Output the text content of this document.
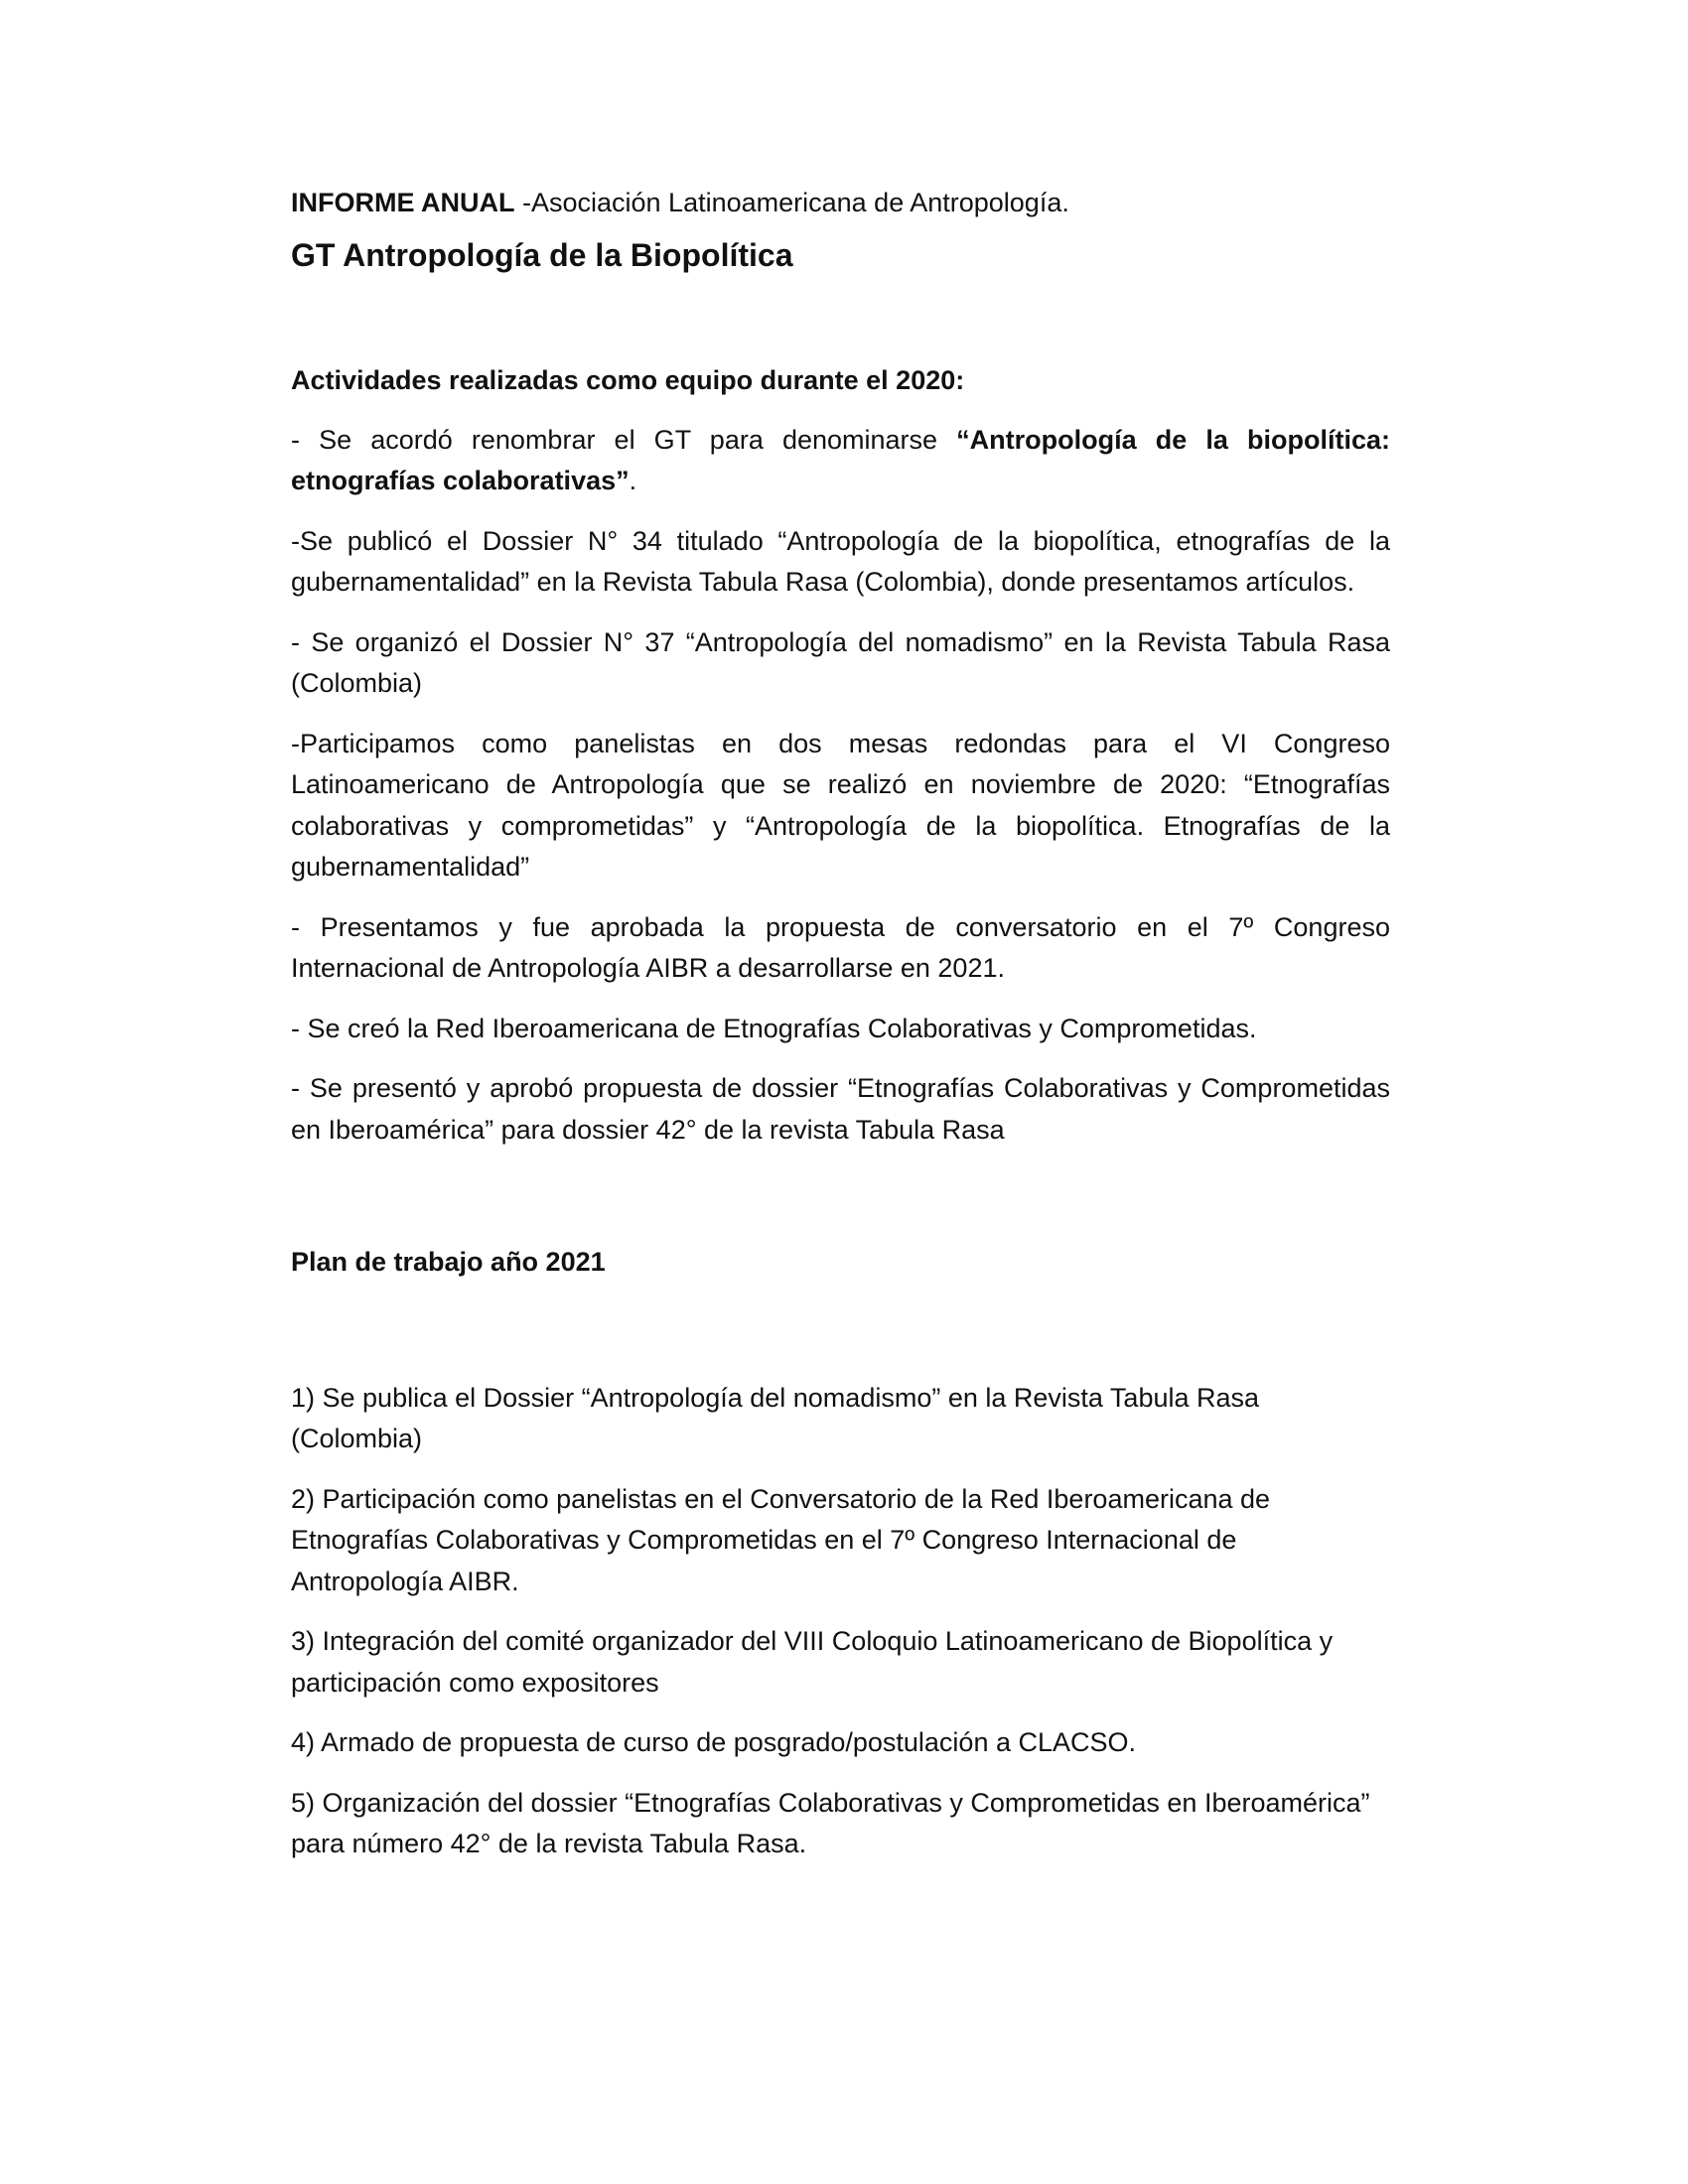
INFORME ANUAL -Asociación Latinoamericana de Antropología.

GT Antropología de la Biopolítica

Actividades realizadas como equipo durante el 2020:

- Se acordó renombrar el GT para denominarse “Antropología de la biopolítica: etnografías colaborativas”.

-Se publicó el Dossier N° 34 titulado “Antropología de la biopolítica, etnografías de la gubernamentalidad” en la Revista Tabula Rasa (Colombia), donde presentamos artículos.

- Se organizó el Dossier N° 37 “Antropología del nomadismo” en la Revista Tabula Rasa (Colombia)

-Participamos como panelistas en dos mesas redondas para el VI Congreso Latinoamericano de Antropología que se realizó en noviembre de 2020: “Etnografías colaborativas y comprometidas” y “Antropología de la biopolítica. Etnografías de la gubernamentalidad”

- Presentamos y fue aprobada la propuesta de conversatorio en el 7º Congreso Internacional de Antropología AIBR a desarrollarse en 2021.

- Se creó la Red Iberoamericana de Etnografías Colaborativas y Comprometidas.

- Se presentó y aprobó propuesta de dossier “Etnografías Colaborativas y Comprometidas en Iberoamérica” para dossier 42° de la revista Tabula Rasa

Plan de trabajo año 2021

1) Se publica el Dossier “Antropología del nomadismo” en la Revista Tabula Rasa (Colombia)

2) Participación como panelistas en el Conversatorio de la Red Iberoamericana de Etnografías Colaborativas y Comprometidas en el 7º Congreso Internacional de Antropología AIBR.

3) Integración del comité organizador del VIII Coloquio Latinoamericano de Biopolítica y participación como expositores

4) Armado de propuesta de curso de posgrado/postulación a CLACSO.

5) Organización del dossier “Etnografías Colaborativas y Comprometidas en Iberoamérica” para número 42° de la revista Tabula Rasa.
